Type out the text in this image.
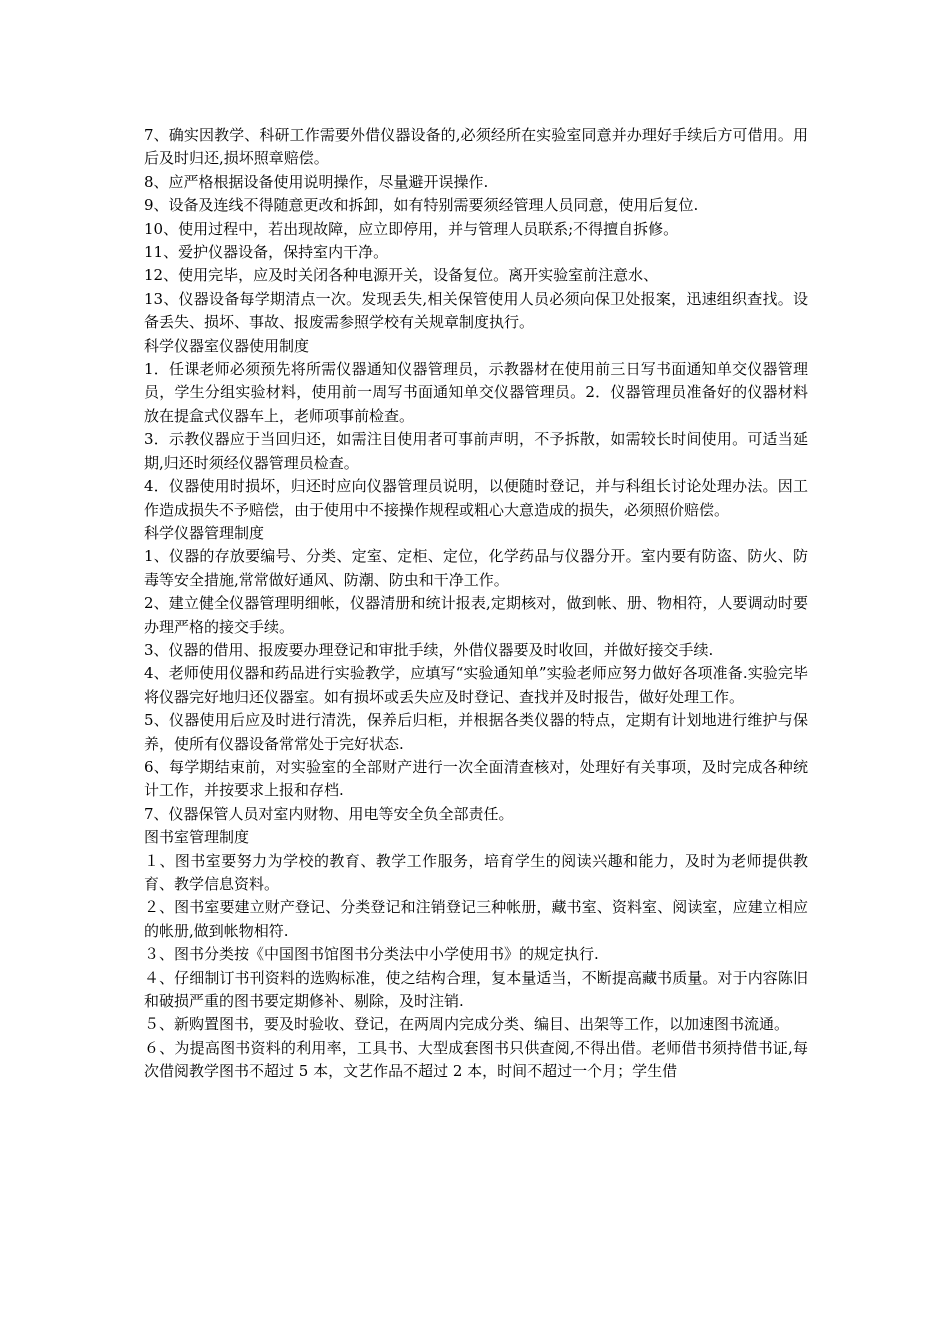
7、确实因教学、科研工作需要外借仪器设备的,必须经所在实验室同意并办理好手续后方可借用。用后及时归还,损坏照章赔偿。

8、应严格根据设备使用说明操作，尽量避开误操作.

9、设备及连线不得随意更改和拆卸，如有特别需要须经管理人员同意，使用后复位.

10、使用过程中，若出现故障，应立即停用，并与管理人员联系;不得擅自拆修。

11、爱护仪器设备，保持室内干净。

12、使用完毕，应及时关闭各种电源开关，设备复位。离开实验室前注意水、

13、仪器设备每学期清点一次。发现丢失,相关保管使用人员必须向保卫处报案，迅速组织查找。设备丢失、损坏、事故、报废需参照学校有关规章制度执行。

科学仪器室仪器使用制度

1．任课老师必须预先将所需仪器通知仪器管理员，示教器材在使用前三日写书面通知单交仪器管理员，学生分组实验材料，使用前一周写书面通知单交仪器管理员。2．仪器管理员准备好的仪器材料放在提盒式仪器车上，老师项事前检查。

3．示教仪器应于当回归还，如需注目使用者可事前声明，不予拆散，如需较长时间使用。可适当延期,归还时须经仪器管理员检查。

4．仪器使用时损坏，归还时应向仪器管理员说明，以便随时登记，并与科组长讨论处理办法。因工作造成损失不予赔偿，由于使用中不接操作规程或粗心大意造成的损失，必须照价赔偿。

科学仪器管理制度

1、仪器的存放要编号、分类、定室、定柜、定位，化学药品与仪器分开。室内要有防盗、防火、防毒等安全措施,常常做好通风、防潮、防虫和干净工作。

2、建立健全仪器管理明细帐，仪器清册和统计报表,定期核对，做到帐、册、物相符，人要调动时要办理严格的接交手续。

3、仪器的借用、报废要办理登记和审批手续，外借仪器要及时收回，并做好接交手续.

4、老师使用仪器和药品进行实验教学，应填写“实验通知单”实验老师应努力做好各项准备.实验完毕将仪器完好地归还仪器室。如有损坏或丢失应及时登记、查找并及时报告，做好处理工作。

5、仪器使用后应及时进行清洗，保养后归柜，并根据各类仪器的特点，定期有计划地进行维护与保养，使所有仪器设备常常处于完好状态.

6、每学期结束前，对实验室的全部财产进行一次全面清查核对，处理好有关事项，及时完成各种统计工作，并按要求上报和存档.

7、仪器保管人员对室内财物、用电等安全负全部责任。

图书室管理制度

１、图书室要努力为学校的教育、教学工作服务，培育学生的阅读兴趣和能力，及时为老师提供教育、教学信息资料。

２、图书室要建立财产登记、分类登记和注销登记三种帐册，藏书室、资料室、阅读室，应建立相应的帐册,做到帐物相符.

３、图书分类按《中国图书馆图书分类法中小学使用书》的规定执行.

４、仔细制订书刊资料的选购标准，使之结构合理，复本量适当，不断提高藏书质量。对于内容陈旧和破损严重的图书要定期修补、剔除，及时注销.

５、新购置图书，要及时验收、登记，在两周内完成分类、编目、出架等工作，以加速图书流通。

６、为提高图书资料的利用率，工具书、大型成套图书只供查阅,不得出借。老师借书须持借书证,每次借阅教学图书不超过 5 本，文艺作品不超过 2 本，时间不超过一个月；学生借
